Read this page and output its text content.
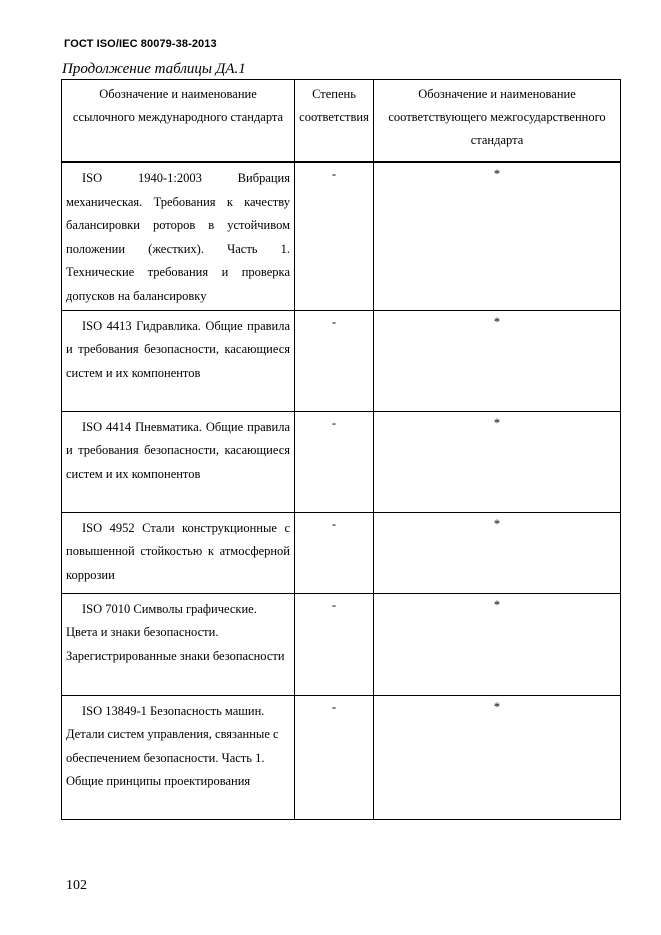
ГОСТ ISO/IEC 80079-38-2013
Продолжение таблицы ДА.1
Обозначение и наименование ссылочного международного стандарта	Степень соответствия	Обозначение и наименование соответствующего межгосударственного стандарта

ISO 1940-1:2003 Вибрация механическая. Требования к качеству балансировки роторов в устойчивом положении (жестких). Часть 1. Технические требования и проверка допусков на балансировку	-	*

ISO 4413 Гидравлика. Общие правила и требования безопасности, касающиеся систем и их компонентов	-	*

ISO 4414 Пневматика. Общие правила и требования безопасности, касающиеся систем и их компонентов	-	*

ISO 4952 Стали конструкционные с повышенной стойкостью к атмосферной коррозии	-	*

ISO 7010 Символы графические. Цвета и знаки безопасности. Зарегистрированные знаки безопасности	-	*

ISO 13849-1 Безопасность машин. Детали систем управления, связанные с обеспечением безопасности. Часть 1. Общие принципы проектирования	-	*
102
